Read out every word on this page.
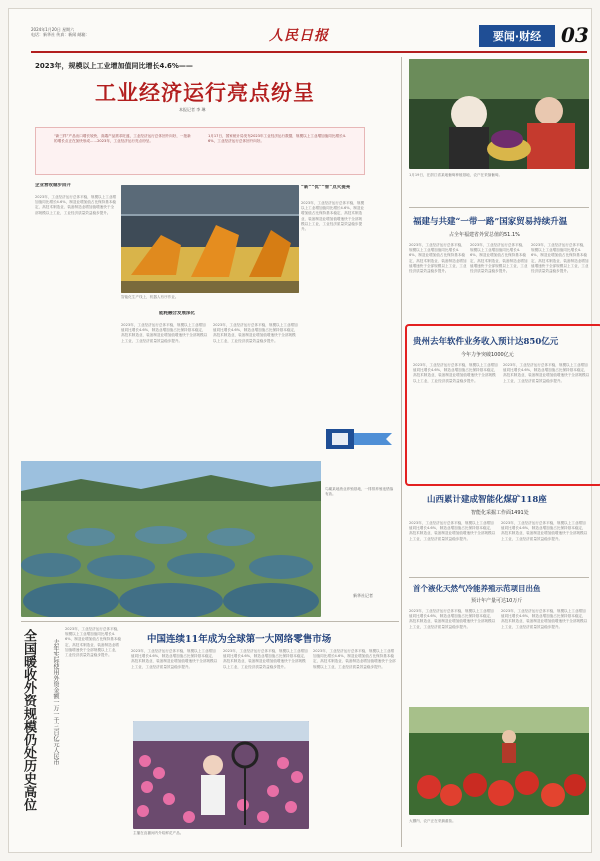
2024年1月20日 星期六
电话：新华社 传真：新闻 邮箱：	人民日报	要闻·财经 03
2023年，规模以上工业增加值同比增长4.6%——
工业经济运行亮点纷呈
本报记者 李 琳
“新三样”产品出口增长较快，高端产品需求旺盛，工业经济运行总体回升向好，一批新的增长点正在加快形成……2023年，工业经济运行亮点纷呈。
1月17日，国家统计局发布2023年工业经济运行数据，规模以上工业增加值同比增长4.6%，工业经济运行总体回升向好。
企业营收稳步回升
2023年，工业经济运行总体平稳，规模以上工业增加值同比增长4.6%，制造业增加值占比保持基本稳定，高技术制造业、装备制造业增加值增速快于全部规模以上工业，工业经济质量效益稳步提升。
智能化生产线上，机器人有序作业。
“新”“优”“智”点火提亮
2023年，工业经济运行总体平稳，规模以上工业增加值同比增长4.6%，制造业增加值占比保持基本稳定，高技术制造业、装备制造业增加值增速快于全部规模以上工业，工业经济质量效益稳步提升。
能耗融合发展深化
2023年，工业经济运行总体平稳，规模以上工业增加值同比增长4.6%，制造业增加值占比保持基本稳定，高技术制造业、装备制造业增加值增速快于全部规模以上工业，工业经济质量效益稳步提升。
2023年，工业经济运行总体平稳，规模以上工业增加值同比增长4.6%，制造业增加值占比保持基本稳定，高技术制造业、装备制造业增加值增速快于全部规模以上工业，工业经济质量效益稳步提升。
1月19日，在浙江省某地葡萄种植基地，农户在采摘葡萄。
福建与共建“一带一路”国家贸易持续升温
占全年福建省外贸总值的51.1%
2023年，工业经济运行总体平稳，规模以上工业增加值同比增长4.6%，制造业增加值占比保持基本稳定，高技术制造业、装备制造业增加值增速快于全部规模以上工业，工业经济质量效益稳步提升。
2023年，工业经济运行总体平稳，规模以上工业增加值同比增长4.6%，制造业增加值占比保持基本稳定，高技术制造业、装备制造业增加值增速快于全部规模以上工业，工业经济质量效益稳步提升。
2023年，工业经济运行总体平稳，规模以上工业增加值同比增长4.6%，制造业增加值占比保持基本稳定，高技术制造业、装备制造业增加值增速快于全部规模以上工业，工业经济质量效益稳步提升。
贵州去年软件业务收入预计达850亿元
今年力争突破1000亿元
2023年，工业经济运行总体平稳，规模以上工业增加值同比增长4.6%，制造业增加值占比保持基本稳定，高技术制造业、装备制造业增加值增速快于全部规模以上工业，工业经济质量效益稳步提升。
2023年，工业经济运行总体平稳，规模以上工业增加值同比增长4.6%，制造业增加值占比保持基本稳定，高技术制造业、装备制造业增加值增速快于全部规模以上工业，工业经济质量效益稳步提升。
山西累计建成智能化煤矿118座
智能化采掘工作面1491处
2023年，工业经济运行总体平稳，规模以上工业增加值同比增长4.6%，制造业增加值占比保持基本稳定，高技术制造业、装备制造业增加值增速快于全部规模以上工业，工业经济质量效益稳步提升。
2023年，工业经济运行总体平稳，规模以上工业增加值同比增长4.6%，制造业增加值占比保持基本稳定，高技术制造业、装备制造业增加值增速快于全部规模以上工业，工业经济质量效益稳步提升。
首个液化天然气冷能养殖示范项目出鱼
预计年产量可达10万斤
2023年，工业经济运行总体平稳，规模以上工业增加值同比增长4.6%，制造业增加值占比保持基本稳定，高技术制造业、装备制造业增加值增速快于全部规模以上工业，工业经济质量效益稳步提升。
2023年，工业经济运行总体平稳，规模以上工业增加值同比增长4.6%，制造业增加值占比保持基本稳定，高技术制造业、装备制造业增加值增速快于全部规模以上工业，工业经济质量效益稳步提升。
大棚内，农户正在采摘番茄。
鸟瞰某地渔业养殖基地，一排排养殖池错落有致。
新华社记者
全国暖收外资规模仍处历史高位	去年实际使用外资金额一万一千三百亿元人民币
2023年，工业经济运行总体平稳，规模以上工业增加值同比增长4.6%，制造业增加值占比保持基本稳定，高技术制造业、装备制造业增加值增速快于全部规模以上工业，工业经济质量效益稳步提升。
中国连续11年成为全球第一大网络零售市场
2023年，工业经济运行总体平稳，规模以上工业增加值同比增长4.6%，制造业增加值占比保持基本稳定，高技术制造业、装备制造业增加值增速快于全部规模以上工业，工业经济质量效益稳步提升。
2023年，工业经济运行总体平稳，规模以上工业增加值同比增长4.6%，制造业增加值占比保持基本稳定，高技术制造业、装备制造业增加值增速快于全部规模以上工业，工业经济质量效益稳步提升。
2023年，工业经济运行总体平稳，规模以上工业增加值同比增长4.6%，制造业增加值占比保持基本稳定，高技术制造业、装备制造业增加值增速快于全部规模以上工业，工业经济质量效益稳步提升。
主播在直播间内介绍鲜花产品。
